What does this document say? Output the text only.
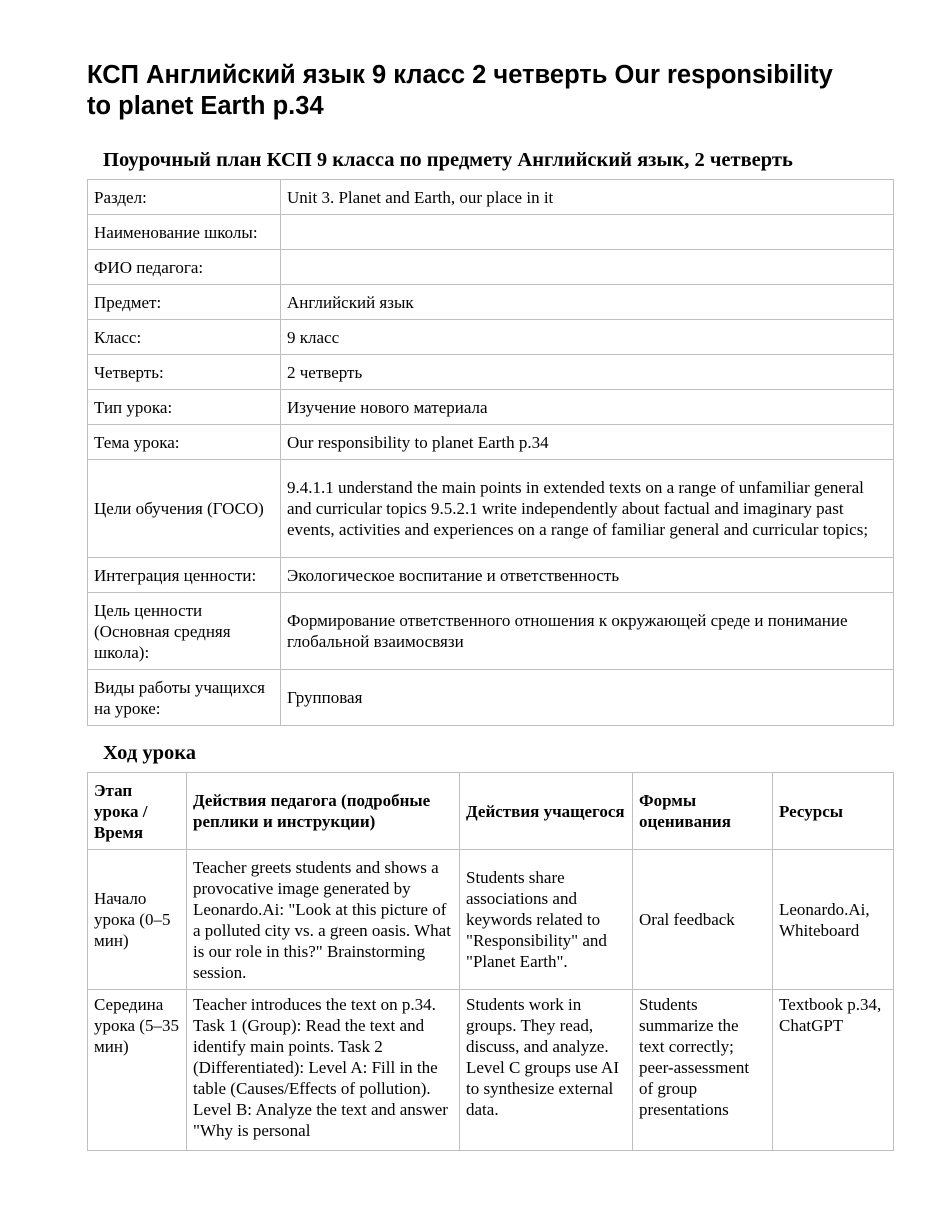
КСП Английский язык 9 класс 2 четверть Our responsibility to planet Earth p.34
Поурочный план КСП 9 класса по предмету Английский язык, 2 четверть
Раздел:	Unit 3. Planet and Earth, our place in it
Наименование школы:	
ФИО педагога:	
Предмет:	Английский язык
Класс:	9 класс
Четверть:	2 четверть
Тип урока:	Изучение нового материала
Тема урока:	Our responsibility to planet Earth p.34
Цели обучения (ГОСО)	9.4.1.1 understand the main points in extended texts on a range of unfamiliar general and curricular topics 9.5.2.1 write independently about factual and imaginary past events, activities and experiences on a range of familiar general and curricular topics;
Интеграция ценности:	Экологическое воспитание и ответственность
Цель ценности (Основная средняя школа):	Формирование ответственного отношения к окружающей среде и понимание глобальной взаимосвязи
Виды работы учащихся на уроке:	Групповая
Ход урока
Этап урока / Время	Действия педагога (подробные реплики и инструкции)	Действия учащегося	Формы оценивания	Ресурсы
Начало урока (0–5 мин)	Teacher greets students and shows a provocative image generated by Leonardo.Ai: "Look at this picture of a polluted city vs. a green oasis. What is our role in this?" Brainstorming session.	Students share associations and keywords related to "Responsibility" and "Planet Earth".	Oral feedback	Leonardo.Ai, Whiteboard
Середина урока (5–35 мин)	Teacher introduces the text on p.34. Task 1 (Group): Read the text and identify main points. Task 2 (Differentiated): Level A: Fill in the table (Causes/Effects of pollution). Level B: Analyze the text and answer "Why is personal	Students work in groups. They read, discuss, and analyze. Level C groups use AI to synthesize external data.	Students summarize the text correctly; peer-assessment of group presentations	Textbook p.34, ChatGPT
